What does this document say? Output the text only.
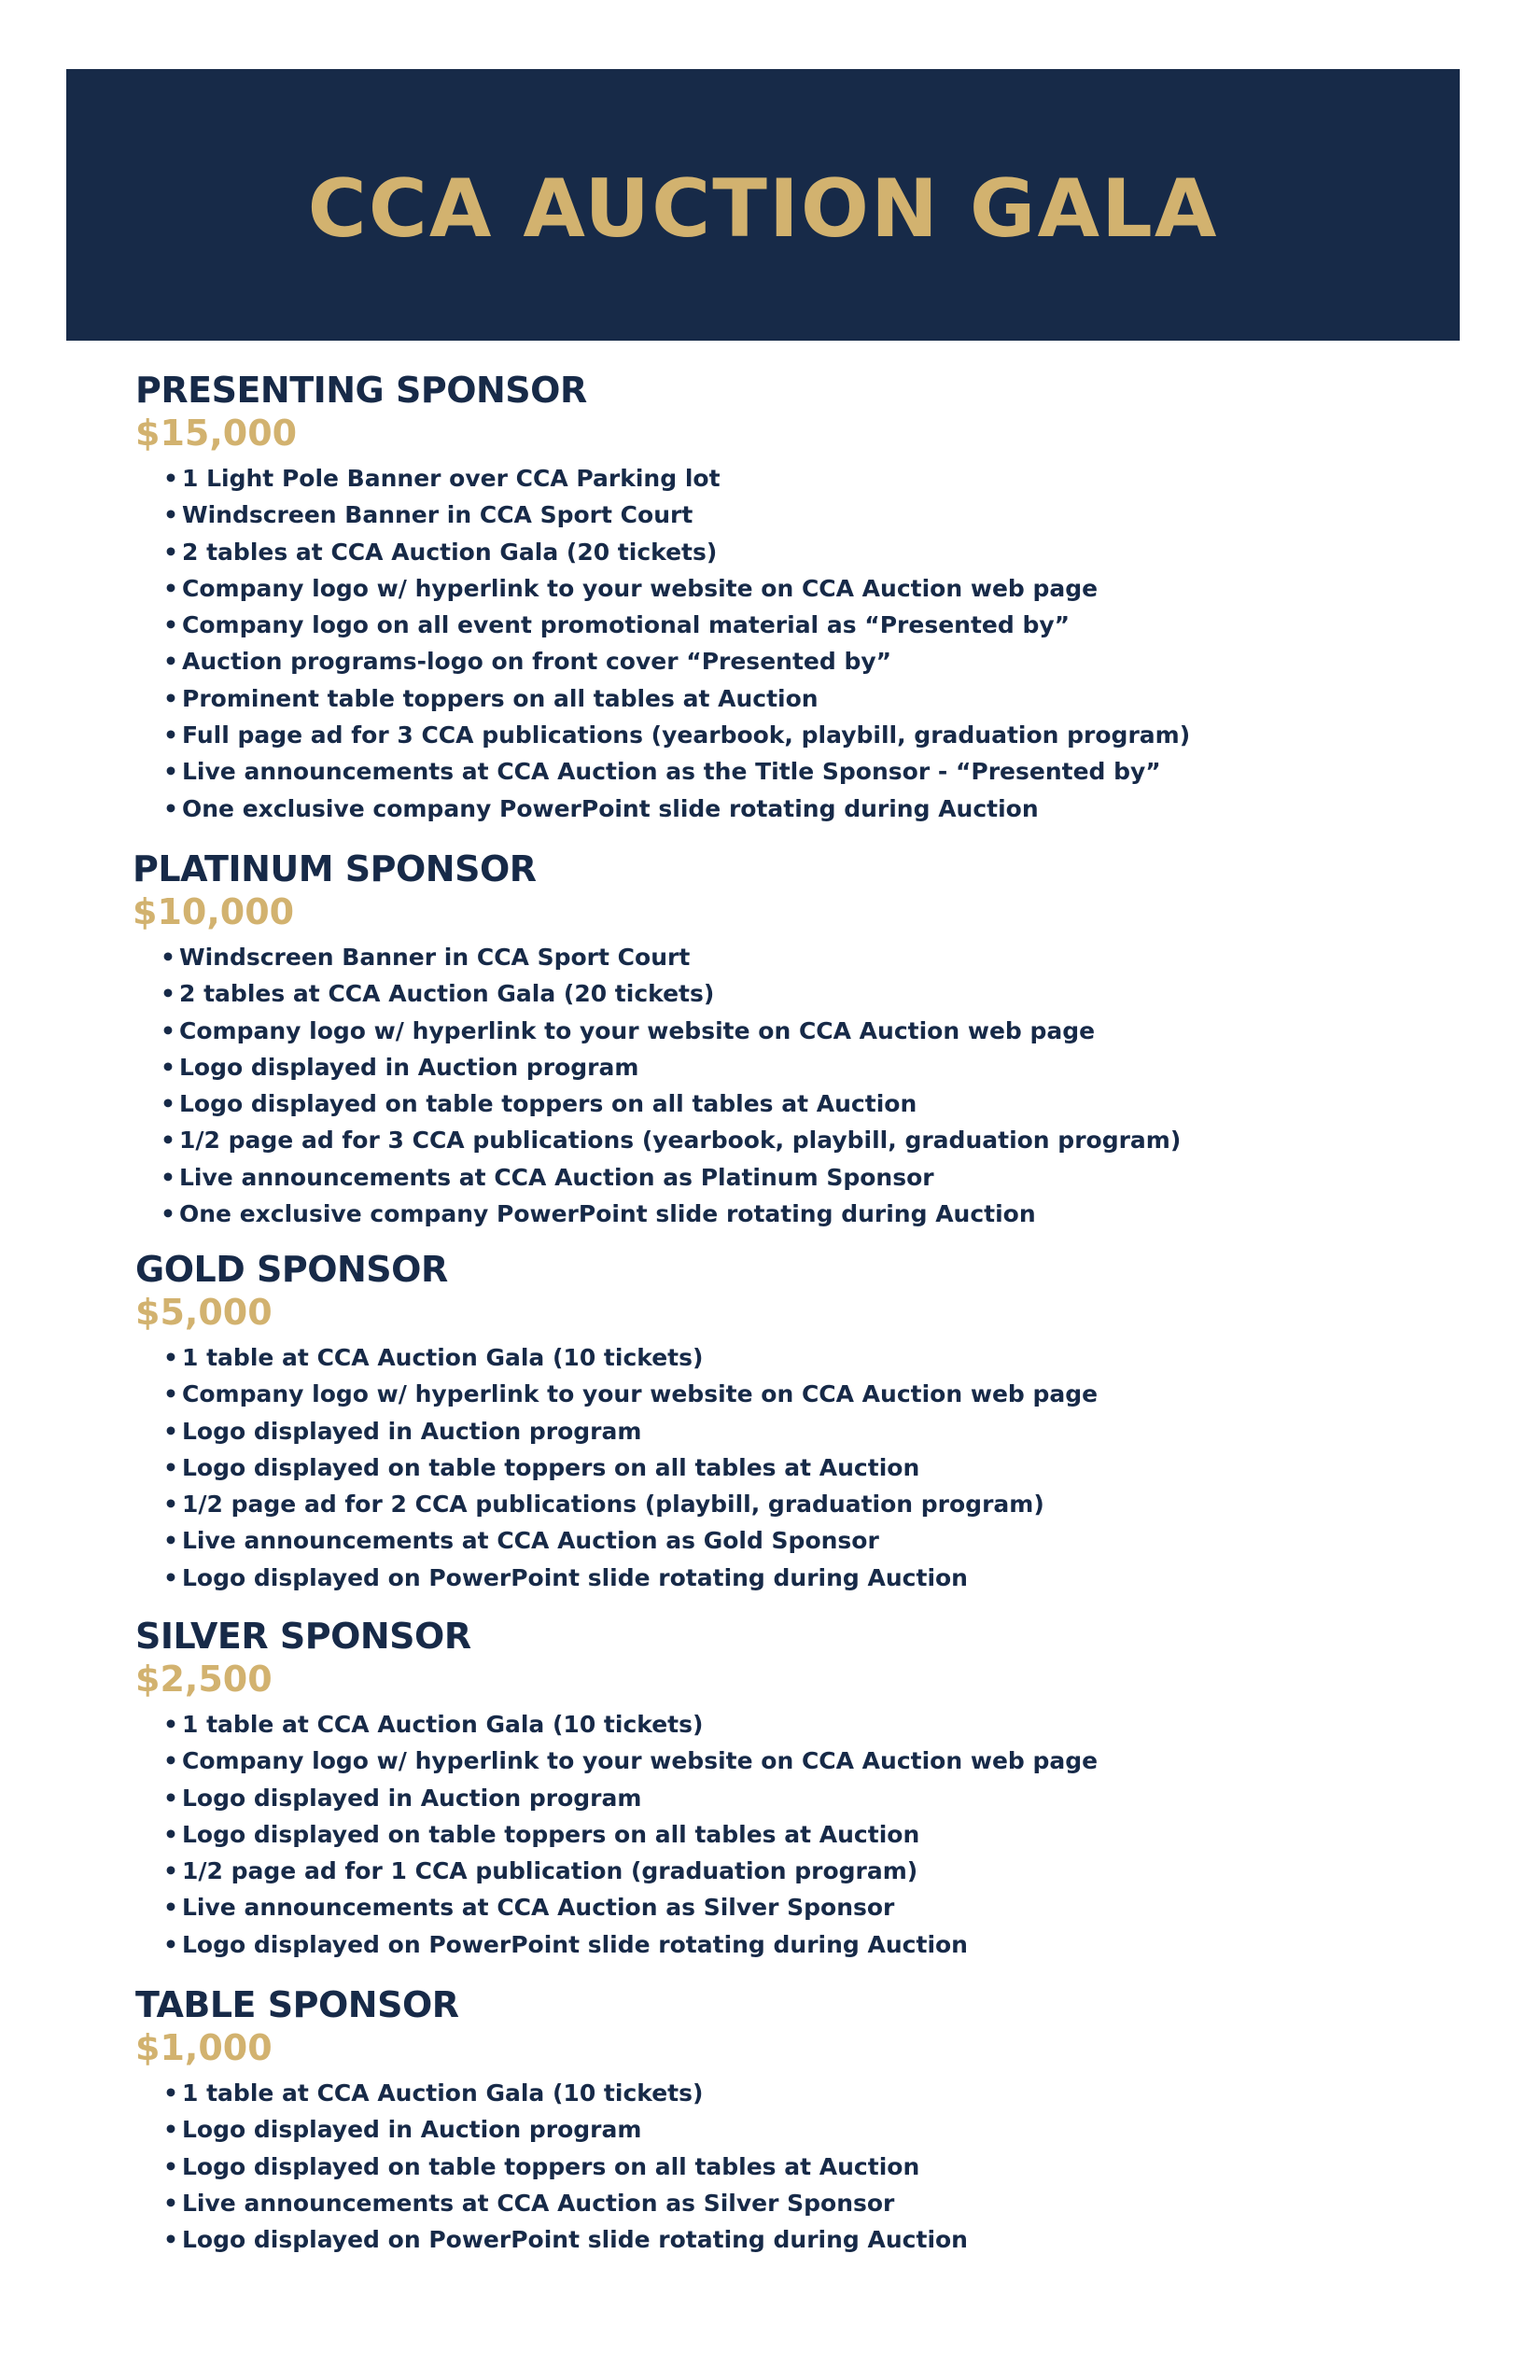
CCA AUCTION GALA
PRESENTING SPONSOR
$15,000
• 1 Light Pole Banner over CCA Parking lot
• Windscreen Banner in CCA Sport Court
• 2 tables at CCA Auction Gala (20 tickets)
• Company logo w/ hyperlink to your website on CCA Auction web page
• Company logo on all event promotional material as “Presented by”
• Auction programs-logo on front cover “Presented by”
• Prominent table toppers on all tables at Auction
• Full page ad for 3 CCA publications (yearbook, playbill, graduation program)
• Live announcements at CCA Auction as the Title Sponsor - “Presented by”
• One exclusive company PowerPoint slide rotating during Auction
PLATINUM SPONSOR
$10,000
• Windscreen Banner in CCA Sport Court
• 2 tables at CCA Auction Gala (20 tickets)
• Company logo w/ hyperlink to your website on CCA Auction web page
• Logo displayed in Auction program
• Logo displayed on table toppers on all tables at Auction
• 1/2 page ad for 3 CCA publications (yearbook, playbill, graduation program)
• Live announcements at CCA Auction as Platinum Sponsor
• One exclusive company PowerPoint slide rotating during Auction
GOLD SPONSOR
$5,000
• 1 table at CCA Auction Gala (10 tickets)
• Company logo w/ hyperlink to your website on CCA Auction web page
• Logo displayed in Auction program
• Logo displayed on table toppers on all tables at Auction
• 1/2 page ad for 2 CCA publications (playbill, graduation program)
• Live announcements at CCA Auction as Gold Sponsor
• Logo displayed on PowerPoint slide rotating during Auction
SILVER SPONSOR
$2,500
• 1 table at CCA Auction Gala (10 tickets)
• Company logo w/ hyperlink to your website on CCA Auction web page
• Logo displayed in Auction program
• Logo displayed on table toppers on all tables at Auction
• 1/2 page ad for 1 CCA publication (graduation program)
• Live announcements at CCA Auction as Silver Sponsor
• Logo displayed on PowerPoint slide rotating during Auction
TABLE SPONSOR
$1,000
• 1 table at CCA Auction Gala (10 tickets)
• Logo displayed in Auction program
• Logo displayed on table toppers on all tables at Auction
• Live announcements at CCA Auction as Silver Sponsor
• Logo displayed on PowerPoint slide rotating during Auction
